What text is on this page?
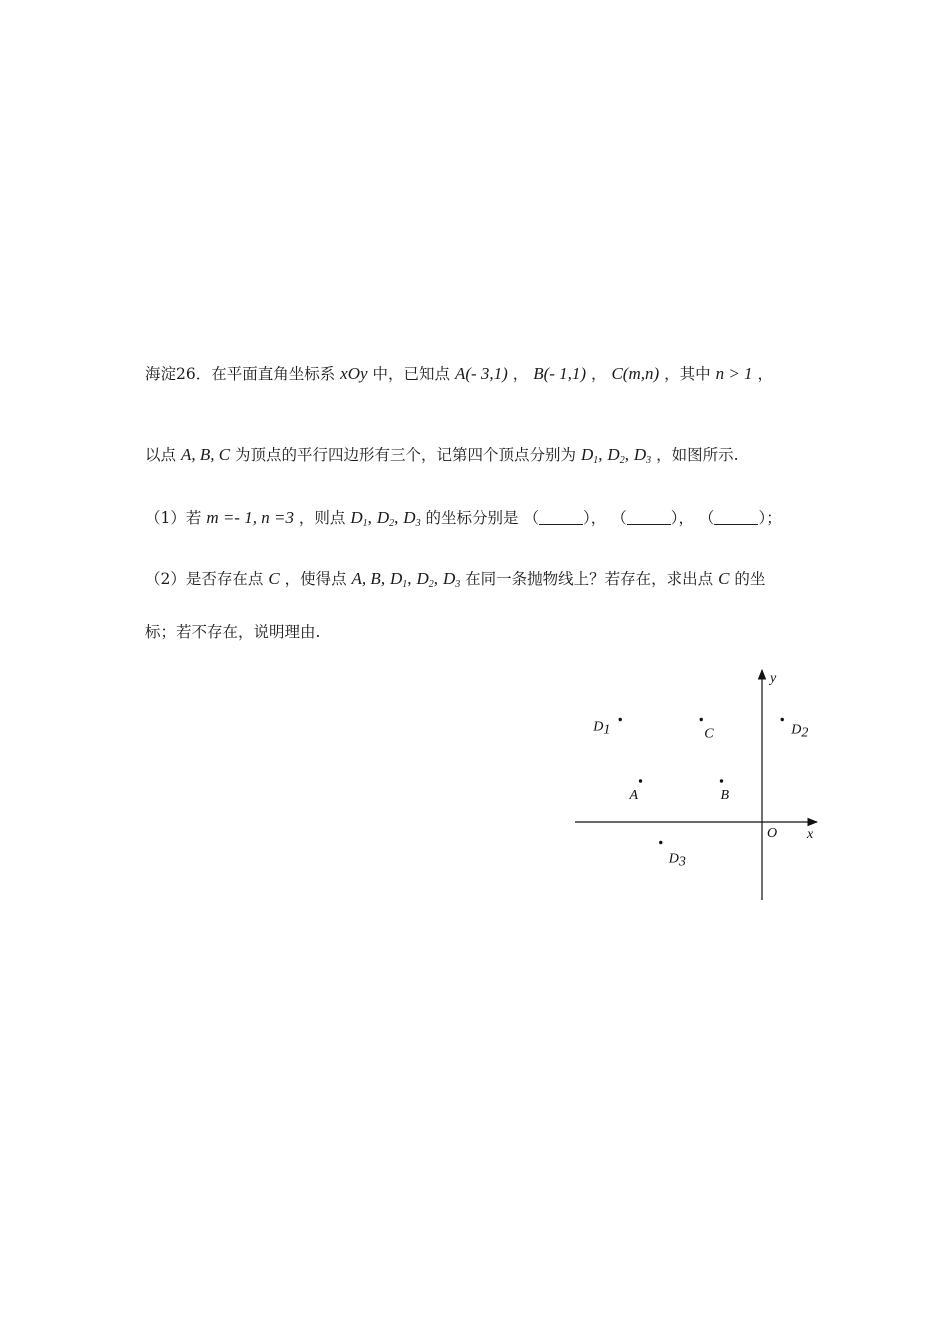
海淀26．在平面直角坐标系 xOy 中，已知点 A(- 3,1) ， B(- 1,1) ， C(m,n) ，其中 n > 1 ，
以点 A, B, C 为顶点的平行四边形有三个，记第四个顶点分别为 $D_1$, $D_2$, $D_3$ ，如图所示.
（1）若 m =- 1, n =3 ，则点 $D_1$, $D_2$, $D_3$ 的坐标分别是 （	）， （	）， （	）；
（2）是否存在点 C ，使得点 A, B, $D_1$, $D_2$, $D_3$ 在同一条抛物线上？若存在，求出点 C 的坐
标；若不存在，说明理由.
x
y
O
A	B
C
D1	D2
D3
